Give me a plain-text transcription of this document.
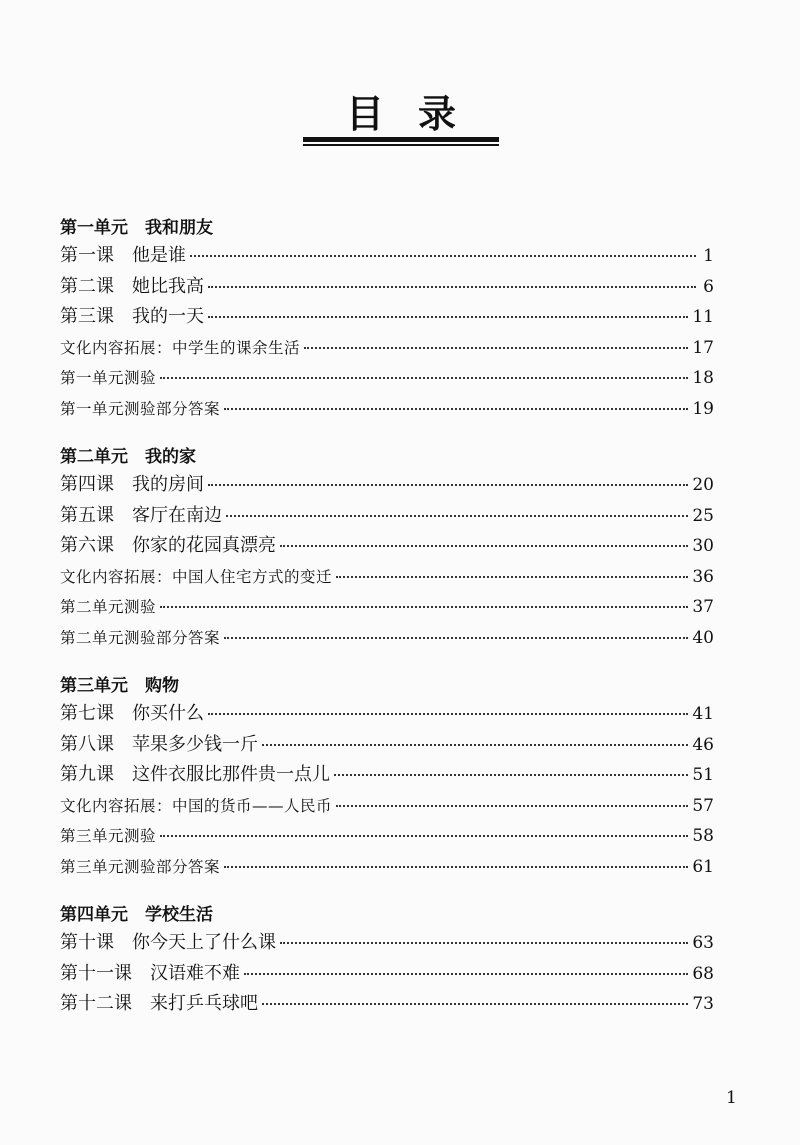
目录
第一单元　我和朋友
第一课　他是谁	1
第二课　她比我高	6
第三课　我的一天	11
文化内容拓展：中学生的课余生活	17
第一单元测验	18
第一单元测验部分答案	19
第二单元　我的家
第四课　我的房间	20
第五课　客厅在南边	25
第六课　你家的花园真漂亮	30
文化内容拓展：中国人住宅方式的变迁	36
第二单元测验	37
第二单元测验部分答案	40
第三单元　购物
第七课　你买什么	41
第八课　苹果多少钱一斤	46
第九课　这件衣服比那件贵一点儿	51
文化内容拓展：中国的货币——人民币	57
第三单元测验	58
第三单元测验部分答案	61
第四单元　学校生活
第十课　你今天上了什么课	63
第十一课　汉语难不难	68
第十二课　来打乒乓球吧	73
1
